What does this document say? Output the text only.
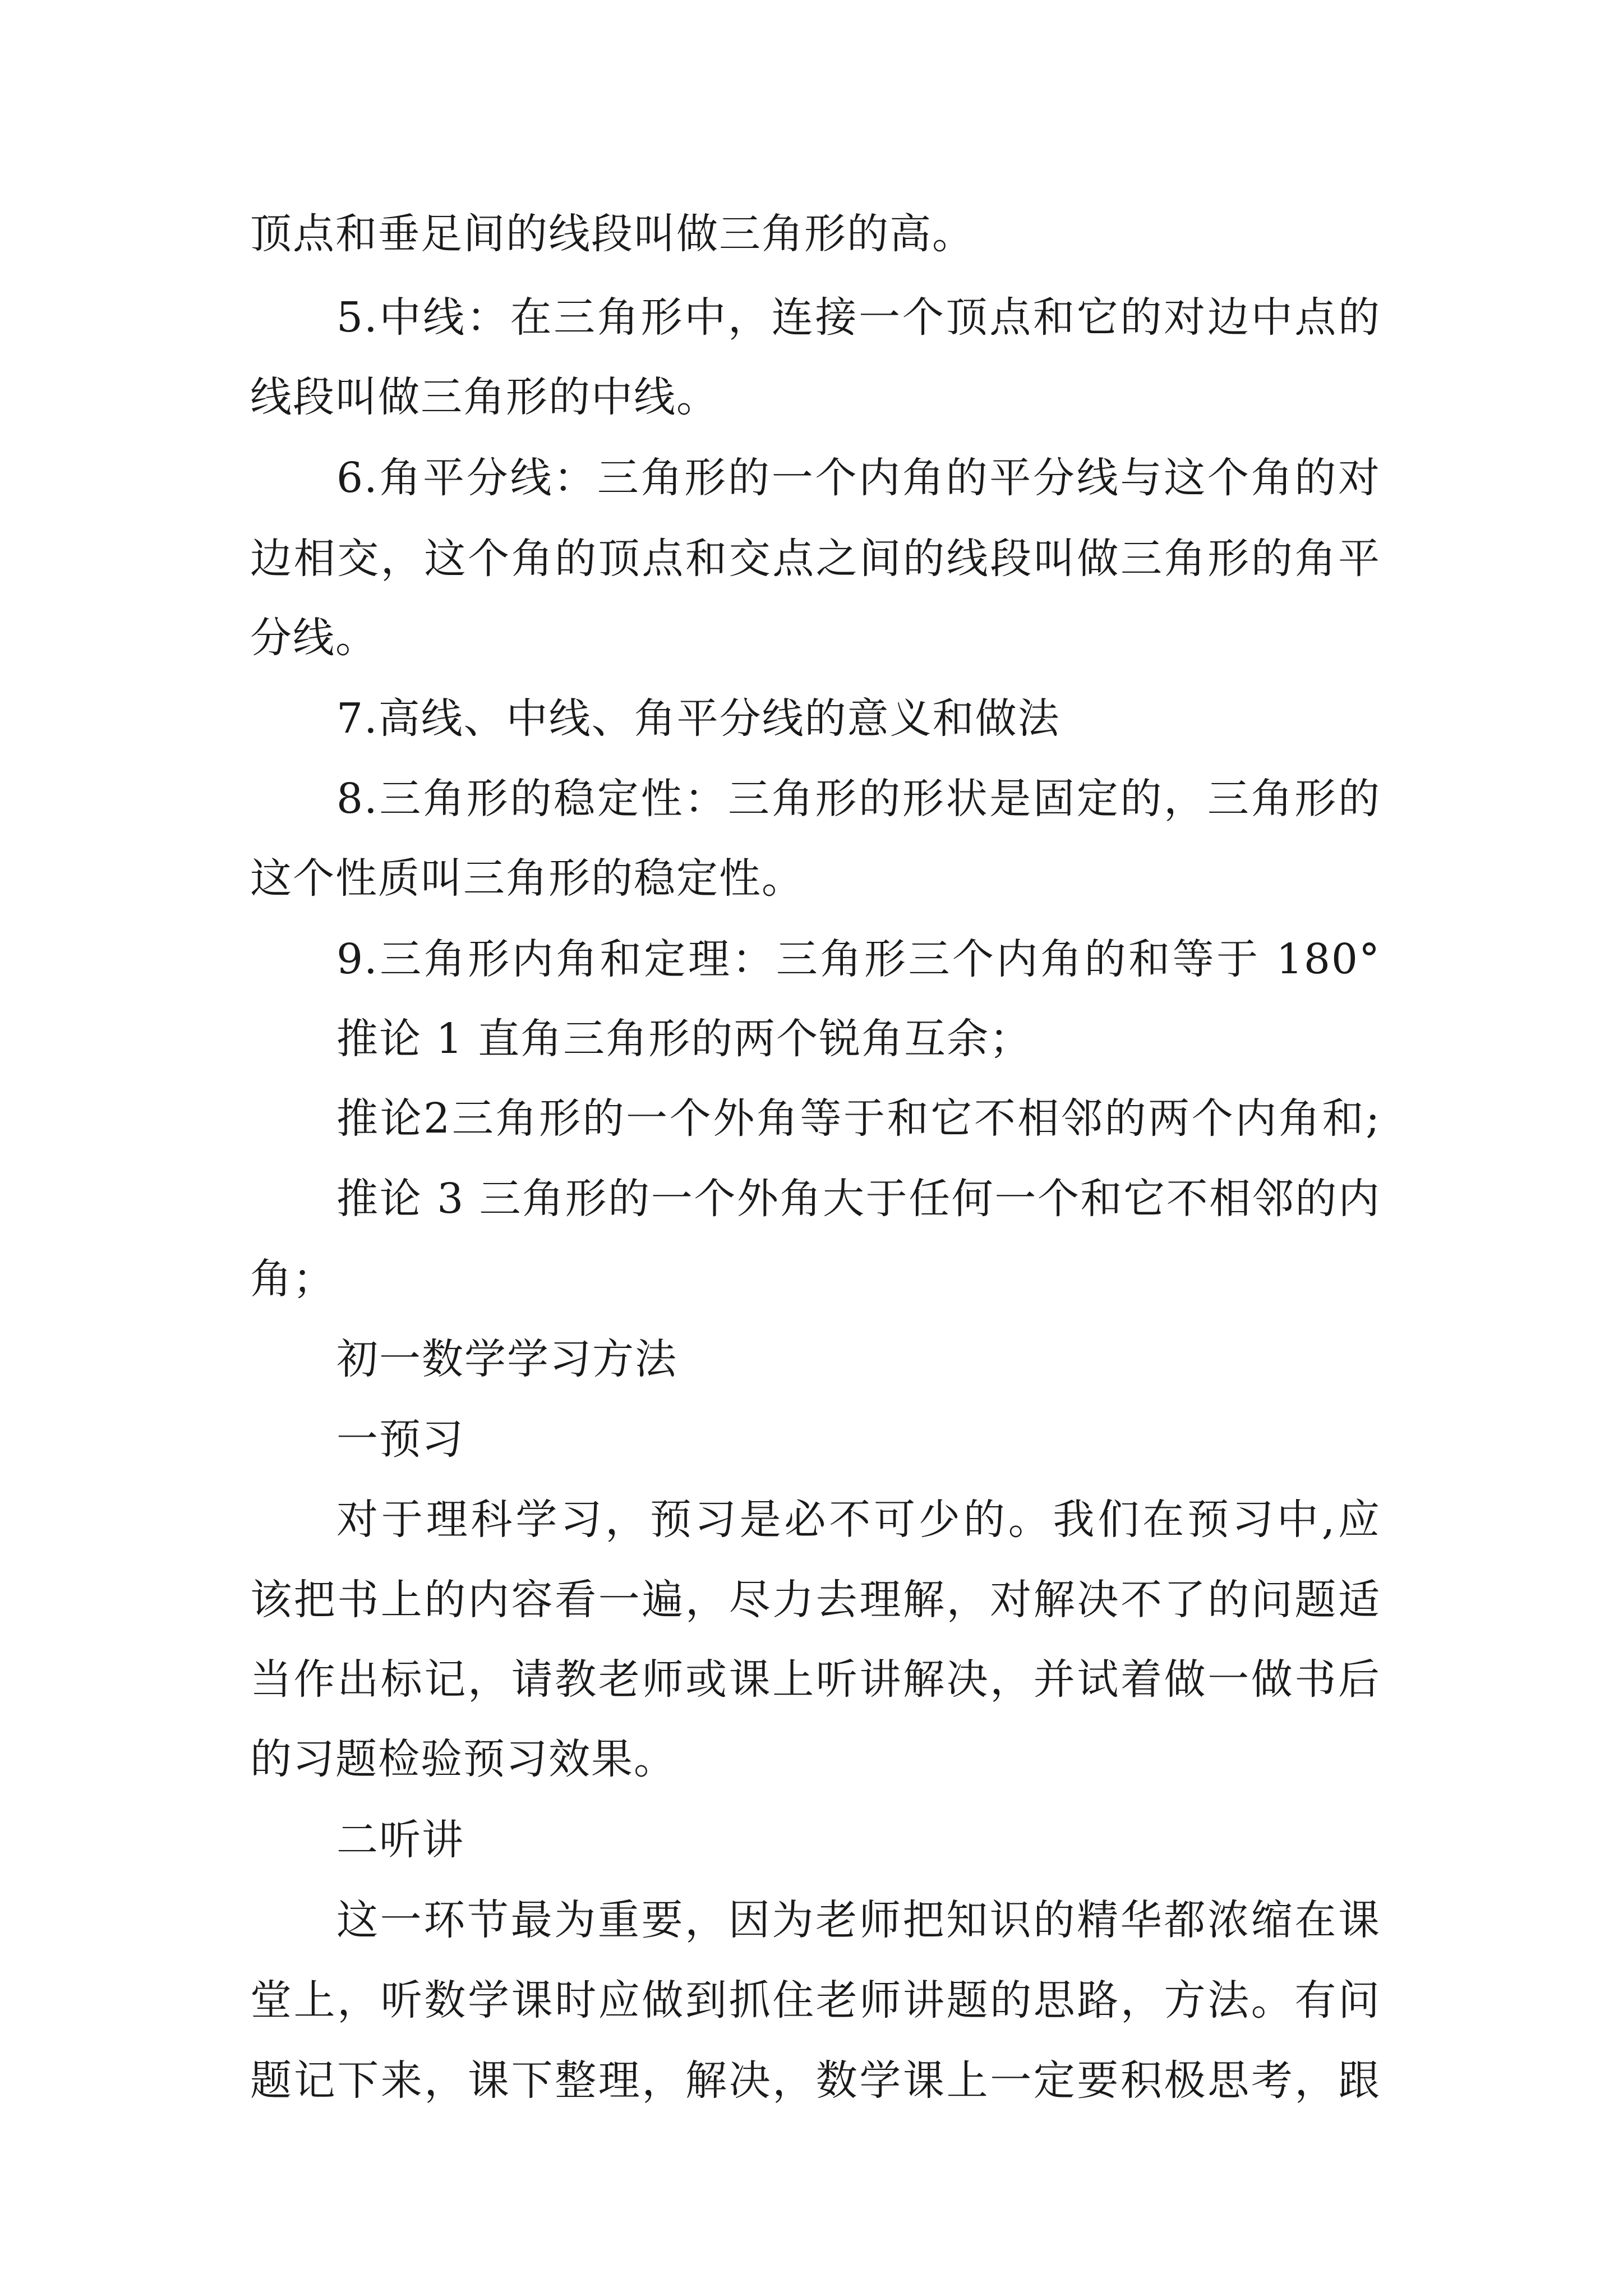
顶点和垂足间的线段叫做三角形的高。
5.中线：在三角形中，连接一个顶点和它的对边中点的
线段叫做三角形的中线。
6.角平分线：三角形的一个内角的平分线与这个角的对
边相交，这个角的顶点和交点之间的线段叫做三角形的角平
分线。
7.高线、中线、角平分线的意义和做法
8.三角形的稳定性：三角形的形状是固定的，三角形的
这个性质叫三角形的稳定性。
9.三角形内角和定理：三角形三个内角的和等于 180°
推论 1 直角三角形的两个锐角互余；
推论2三角形的一个外角等于和它不相邻的两个内角和;
推论 3 三角形的一个外角大于任何一个和它不相邻的内
角；
初一数学学习方法
一预习
对于理科学习，预习是必不可少的。我们在预习中,应
该把书上的内容看一遍，尽力去理解，对解决不了的问题适
当作出标记，请教老师或课上听讲解决，并试着做一做书后
的习题检验预习效果。
二听讲
这一环节最为重要，因为老师把知识的精华都浓缩在课
堂上，听数学课时应做到抓住老师讲题的思路，方法。有问
题记下来，课下整理，解决，数学课上一定要积极思考，跟
